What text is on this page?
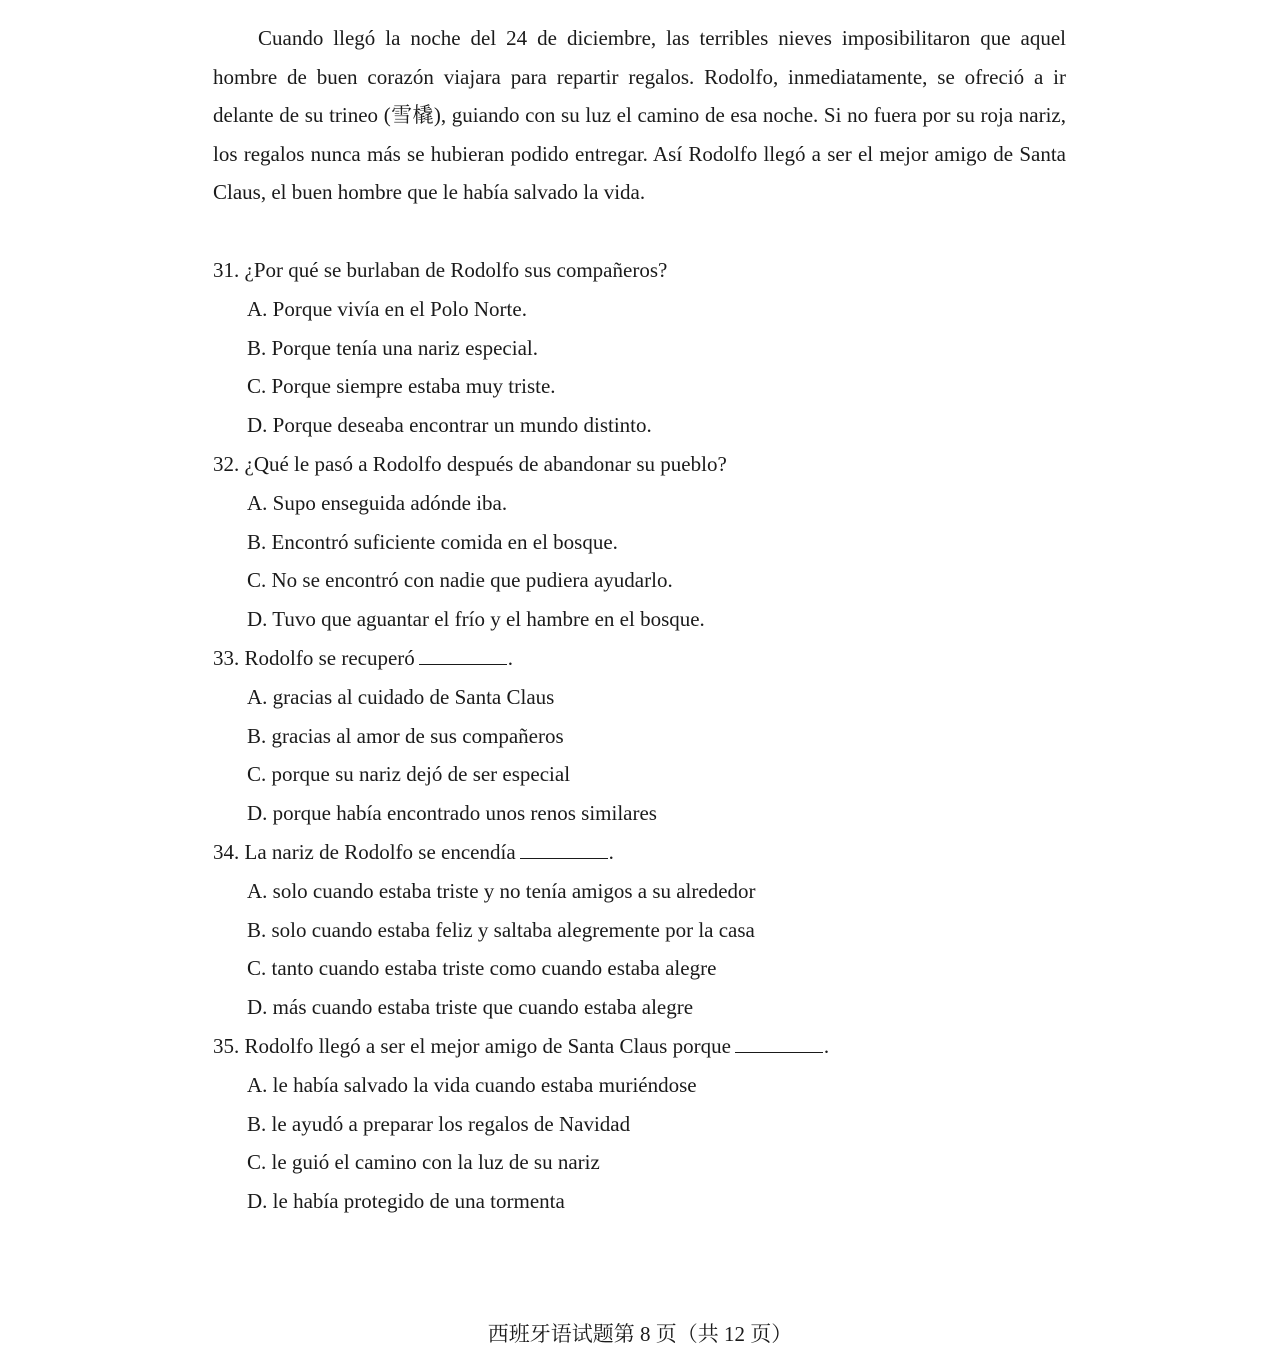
Cuando llegó la noche del 24 de diciembre, las terribles nieves imposibilitaron que aquel hombre de buen corazón viajara para repartir regalos. Rodolfo, inmediatamente, se ofreció a ir delante de su trineo (雪橇), guiando con su luz el camino de esa noche. Si no fuera por su roja nariz, los regalos nunca más se hubieran podido entregar. Así Rodolfo llegó a ser el mejor amigo de Santa Claus, el buen hombre que le había salvado la vida.

31. ¿Por qué se burlaban de Rodolfo sus compañeros?
A. Porque vivía en el Polo Norte.
B. Porque tenía una nariz especial.
C. Porque siempre estaba muy triste.
D. Porque deseaba encontrar un mundo distinto.
32. ¿Qué le pasó a Rodolfo después de abandonar su pueblo?
A. Supo enseguida adónde iba.
B. Encontró suficiente comida en el bosque.
C. No se encontró con nadie que pudiera ayudarlo.
D. Tuvo que aguantar el frío y el hambre en el bosque.
33. Rodolfo se recuperó	.
A. gracias al cuidado de Santa Claus
B. gracias al amor de sus compañeros
C. porque su nariz dejó de ser especial
D. porque había encontrado unos renos similares
34. La nariz de Rodolfo se encendía	.
A. solo cuando estaba triste y no tenía amigos a su alrededor
B. solo cuando estaba feliz y saltaba alegremente por la casa
C. tanto cuando estaba triste como cuando estaba alegre
D. más cuando estaba triste que cuando estaba alegre
35. Rodolfo llegó a ser el mejor amigo de Santa Claus porque	.
A. le había salvado la vida cuando estaba muriéndose
B. le ayudó a preparar los regalos de Navidad
C. le guió el camino con la luz de su nariz
D. le había protegido de una tormenta
西班牙语试题第 8 页（共 12 页）
